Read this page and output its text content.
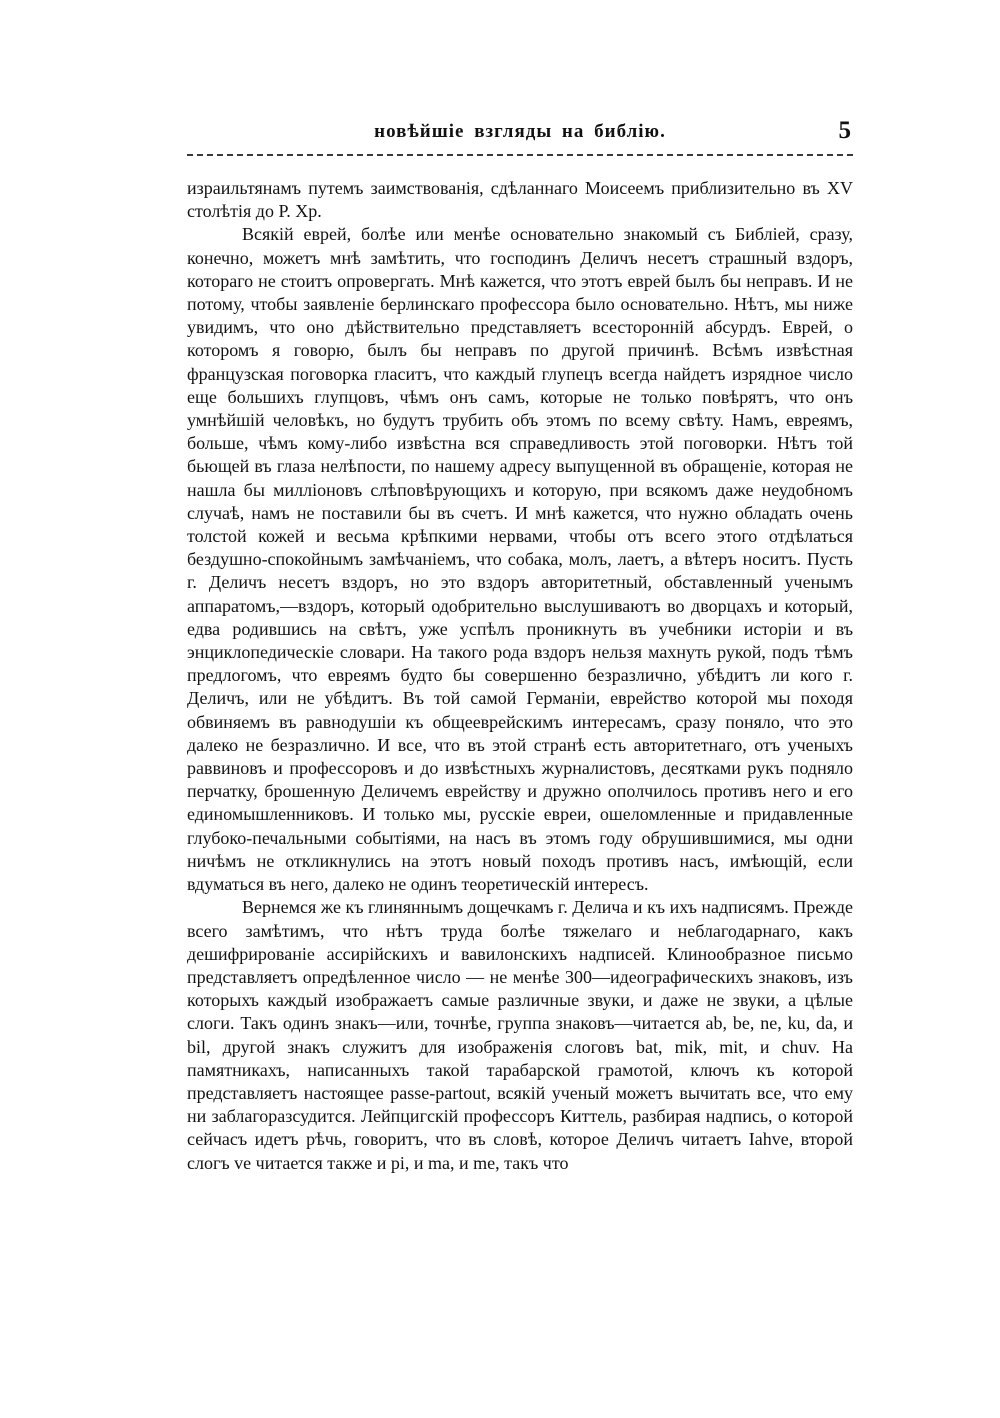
новѣйшіе взгляды на библію.	5

израильтянамъ путемъ заимствованія, сдѣланнаго Моисеемъ приблизительно въ XV столѣтія до Р. Хр.

Всякій еврей, болѣе или менѣе основательно знакомый съ Библіей, сразу, конечно, можетъ мнѣ замѣтить, что господинъ Деличъ несетъ страшный вздоръ, котораго не стоитъ опровергать. Мнѣ кажется, что этотъ еврей былъ бы неправъ. И не потому, чтобы заявленіе берлинскаго профессора было основательно. Нѣтъ, мы ниже увидимъ, что оно дѣйствительно представляетъ всесторонній абсурдъ. Еврей, о которомъ я говорю, былъ бы неправъ по другой причинѣ. Всѣмъ извѣстная французская поговорка гласитъ, что каждый глупецъ всегда найдетъ изрядное число еще большихъ глупцовъ, чѣмъ онъ самъ, которые не только повѣрятъ, что онъ умнѣйшій человѣкъ, но будутъ трубить объ этомъ по всему свѣту. Намъ, евреямъ, больше, чѣмъ кому-либо извѣстна вся справедливость этой поговорки. Нѣтъ той бьющей въ глаза нелѣпости, по нашему адресу выпущенной въ обращеніе, которая не нашла бы милліоновъ слѣповѣрующихъ и которую, при всякомъ даже неудобномъ случаѣ, намъ не поставили бы въ счетъ. И мнѣ кажется, что нужно обладать очень толстой кожей и весьма крѣпкими нервами, чтобы отъ всего этого отдѣлаться бездушно-спокойнымъ замѣчаніемъ, что собака, молъ, лаетъ, а вѣтеръ носитъ. Пусть г. Деличъ несетъ вздоръ, но это вздоръ авторитетный, обставленный ученымъ аппаратомъ,—вздоръ, который одобрительно выслушиваютъ во дворцахъ и который, едва родившись на свѣтъ, уже успѣлъ проникнуть въ учебники исторіи и въ энциклопедическіе словари. На такого рода вздоръ нельзя махнуть рукой, подъ тѣмъ предлогомъ, что евреямъ будто бы совершенно безразлично, убѣдитъ ли кого г. Деличъ, или не убѣдитъ. Въ той самой Германіи, еврейство которой мы походя обвиняемъ въ равнодушіи къ общееврейскимъ интересамъ, сразу поняло, что это далеко не безразлично. И все, что въ этой странѣ есть авторитетнаго, отъ ученыхъ раввиновъ и профессоровъ и до извѣстныхъ журналистовъ, десятками рукъ подняло перчатку, брошенную Деличемъ еврейству и дружно ополчилось противъ него и его единомышленниковъ. И только мы, русскіе евреи, ошеломленные и придавленные глубоко-печальными событіями, на насъ въ этомъ году обрушившимися, мы одни ничѣмъ не откликнулись на этотъ новый походъ противъ насъ, имѣющій, если вдуматься въ него, далеко не одинъ теоретическій интересъ.

Вернемся же къ глиняннымъ дощечкамъ г. Делича и къ ихъ надписямъ. Прежде всего замѣтимъ, что нѣтъ труда болѣе тяжелаго и неблагодарнаго, какъ дешифрированіе ассирійскихъ и вавилонскихъ надписей. Клинообразное письмо представляетъ опредѣленное число — не менѣе 300—идеографическихъ знаковъ, изъ которыхъ каждый изображаетъ самые различные звуки, и даже не звуки, а цѣлые слоги. Такъ одинъ знакъ—или, точнѣе, группа знаковъ—читается ab, be, ne, ku, da, и bil, другой знакъ служитъ для изображенія слоговъ bat, mik, mit, и chuv. На памятникахъ, написанныхъ такой тарабарской грамотой, ключъ къ которой представляетъ настоящее passe-partout, всякій ученый можетъ вычитать все, что ему ни заблагоразсудится. Лейпцигскій профессоръ Киттель, разбирая надпись, о которой сейчасъ идетъ рѣчь, говоритъ, что въ словѣ, которое Деличъ читаетъ Iahve, второй слогъ ve читается также и pi, и ma, и me, такъ что
